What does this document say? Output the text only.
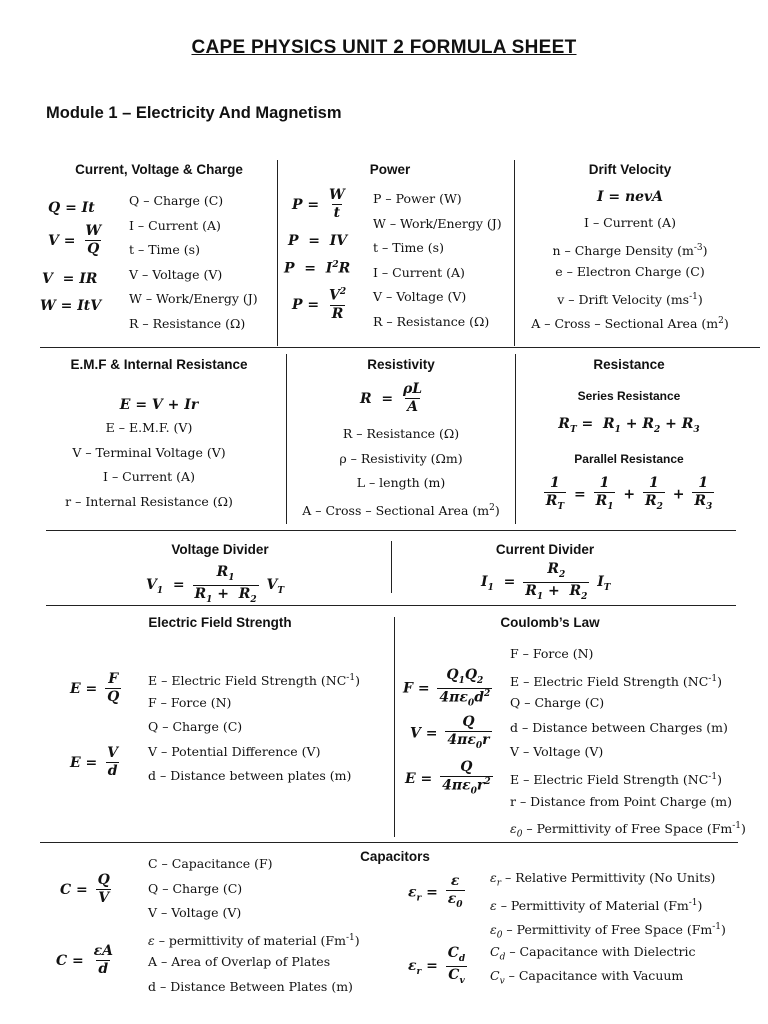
CAPE PHYSICS UNIT 2 FORMULA SHEET
Module 1 – Electricity And Magnetism
Current, Voltage & Charge
Q = It
$V = \frac{W}{Q}$
V  = IR
W = ItV
Q – Charge (C)
I – Current (A)
t – Time (s)
V – Voltage (V)
W – Work/Energy (J)
R – Resistance (Ω)
Power
$P = \frac{W}{t}$
P  =  IV
$P = I^2R$
$P = \frac{V^2}{R}$
P – Power (W)
W – Work/Energy (J)
t – Time (s)
I – Current (A)
V – Voltage (V)
R – Resistance (Ω)
Drift Velocity
I = nevA
I – Current (A)
n – Charge Density $(m^{-3})$
e – Electron Charge (C)
v – Drift Velocity $(ms^{-1})$
A – Cross – Sectional Area $(m^2)$
E.M.F & Internal Resistance
E = V + Ir
E – E.M.F. (V)
V – Terminal Voltage (V)
I – Current (A)
r – Internal Resistance (Ω)
Resistivity
$R = \frac{\rho L}{A}$
R – Resistance (Ω)
ρ – Resistivity (Ωm)
L – length (m)
A – Cross – Sectional Area $(m^2)$
Resistance
Series Resistance
$R_T = R_1 + R_2 + R_3$
Parallel Resistance
$\frac{1}{R_T} = \frac{1}{R_1} + \frac{1}{R_2} + \frac{1}{R_3}$
Voltage Divider
$V_1 = \frac{R_1}{R_1 + R_2} V_T$
Current Divider
$I_1 = \frac{R_2}{R_1 + R_2} I_T$
Electric Field Strength
$E = \frac{F}{Q}$
$E = \frac{V}{d}$
E – Electric Field Strength $(NC^{-1})$
F – Force (N)
Q – Charge (C)
V – Potential Difference (V)
d – Distance between plates (m)
Coulomb’s Law
$F = \frac{Q_1Q_2}{4\pi\varepsilon_0d^2}$
$V = \frac{Q}{4\pi\varepsilon_0r}$
$E = \frac{Q}{4\pi\varepsilon_0r^2}$
F – Force (N)
E – Electric Field Strength $(NC^{-1})$
Q – Charge (C)
d – Distance between Charges (m)
V – Voltage (V)
E – Electric Field Strength $(NC^{-1})$
r – Distance from Point Charge (m)
$\varepsilon_0$ – Permittivity of Free Space $(Fm^{-1})$
Capacitors
$C = \frac{Q}{V}$
$C = \frac{\varepsilon A}{d}$
C – Capacitance (F)
Q – Charge (C)
V – Voltage (V)
ε – permittivity of material $(Fm^{-1})$
A – Area of Overlap of Plates
d – Distance Between Plates (m)
$\varepsilon_r = \frac{\varepsilon}{\varepsilon_0}$
$\varepsilon_r = \frac{C_d}{C_v}$
$\varepsilon_r$ – Relative Permittivity (No Units)
ε – Permittivity of Material $(Fm^{-1})$
$\varepsilon_0$ – Permittivity of Free Space $(Fm^{-1})$
$C_d$ – Capacitance with Dielectric
$C_v$ – Capacitance with Vacuum
